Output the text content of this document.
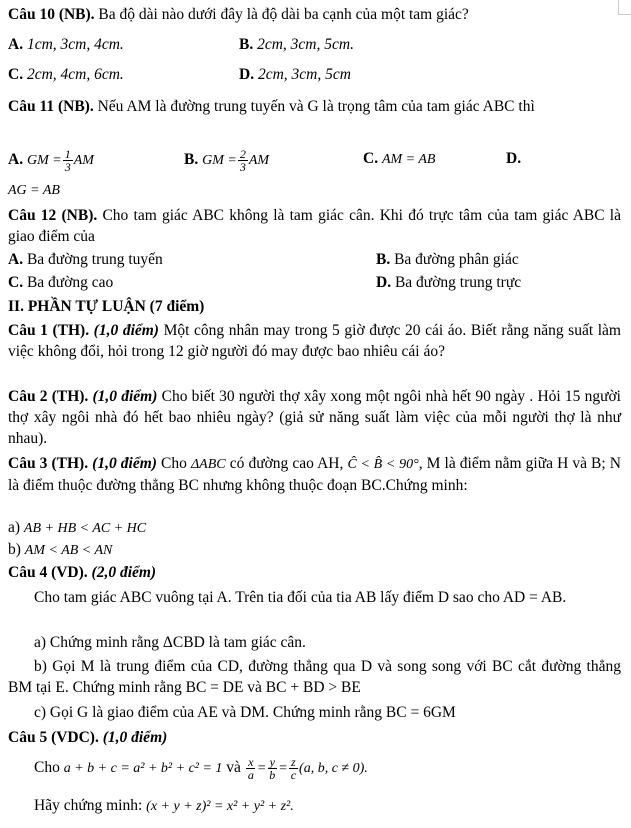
Câu 10 (NB). Ba độ dài nào dưới đây là độ dài ba cạnh của một tam giác?
A. 1cm, 3cm, 4cm.	B. 2cm, 3cm, 5cm.
C. 2cm, 4cm, 6cm.	D. 2cm, 3cm, 5cm
Câu 11 (NB). Nếu AM là đường trung tuyến và G là trọng tâm của tam giác ABC thì
A. GM = $\frac{1}{3}$ AM	B. GM = $\frac{2}{3}$ AM	C. AM = AB	D.
AG = AB
Câu 12 (NB). Cho tam giác ABC không là tam giác cân. Khi đó trực tâm của tam giác ABC là giao điểm của
A. Ba đường trung tuyến	B. Ba đường phân giác
C. Ba đường cao	D. Ba đường trung trực
II. PHẦN TỰ LUẬN (7 điểm)
Câu 1 (TH). (1,0 điểm) Một công nhân may trong 5 giờ được 20 cái áo. Biết rằng năng suất làm việc không đổi, hỏi trong 12 giờ người đó may được bao nhiêu cái áo?
Câu 2 (TH). (1,0 điểm) Cho biết 30 người thợ xây xong một ngôi nhà hết 90 ngày . Hỏi 15 người thợ xây ngôi nhà đó hết bao nhiêu ngày? (giả sử năng suất làm việc của mỗi người thợ là như nhau).
Câu 3 (TH). (1,0 điểm) Cho ΔABC có đường cao AH, Ĉ < B̂ < 90°, M là điểm nằm giữa H và B; N là điểm thuộc đường thẳng BC nhưng không thuộc đoạn BC.Chứng minh:
a) AB + HB < AC + HC
b) AM < AB < AN
Câu 4 (VD). (2,0 điểm)
Cho tam giác ABC vuông tại A. Trên tia đối của tia AB lấy điểm D sao cho AD = AB.
a) Chứng minh rằng ΔCBD là tam giác cân.
b) Gọi M là trung điểm của CD, đường thẳng qua D và song song với BC cắt đường thẳng BM tại E. Chứng minh rằng BC = DE và BC + BD > BE
c) Gọi G là giao điểm của AE và DM. Chứng minh rằng BC = 6GM
Câu 5 (VDC). (1,0 điểm)
Cho a + b + c = a² + b² + c² = 1 và $\frac{x}{a} = \frac{y}{b} = \frac{z}{c} (a$, b, c ≠ 0).
Hãy chứng minh: (x + y + z)² = x² + y² + z².
